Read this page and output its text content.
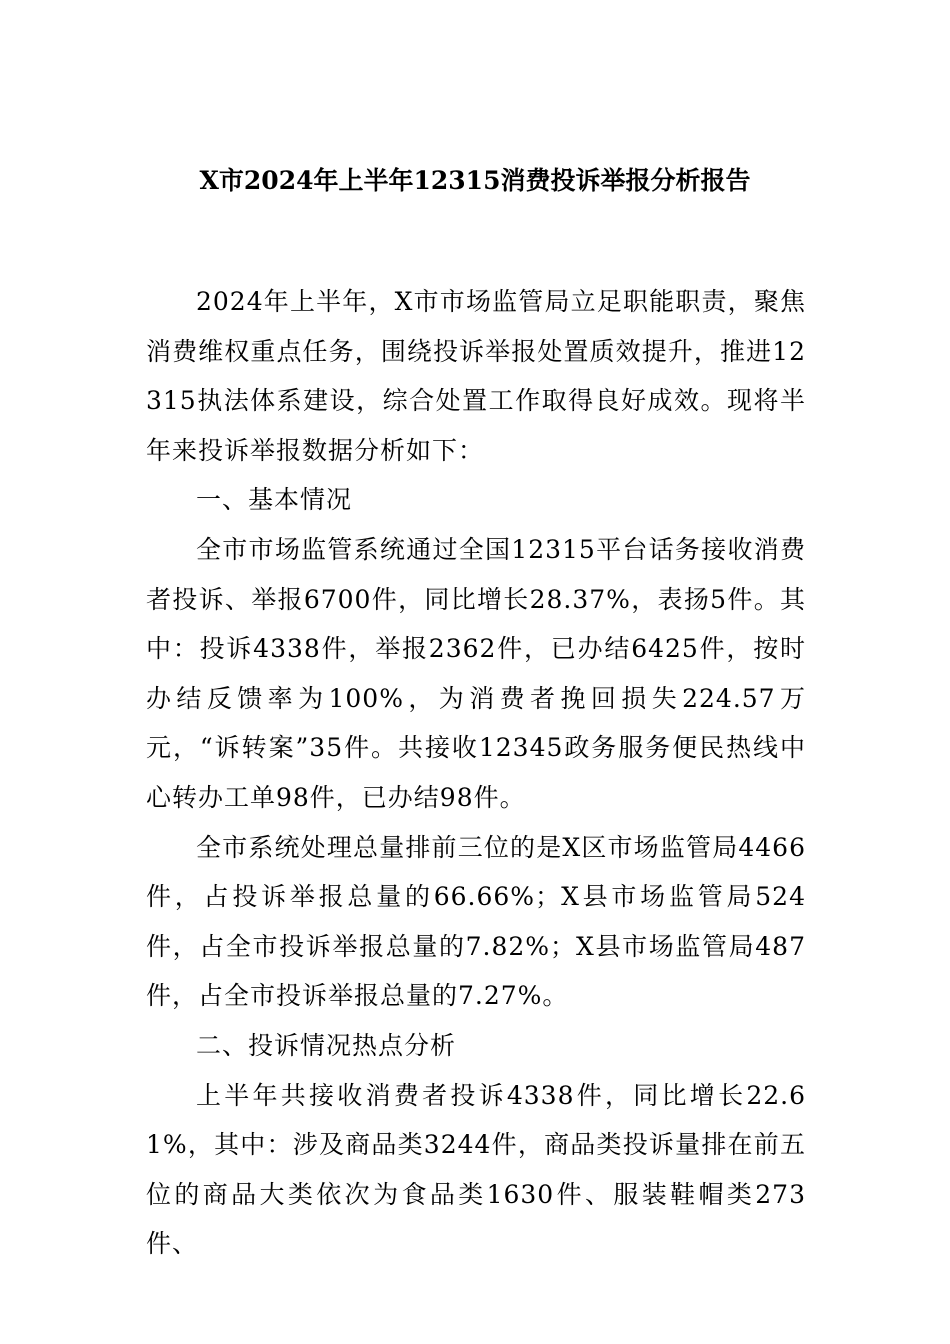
X市2024年上半年12315消费投诉举报分析报告

2024年上半年，X市市场监管局立足职能职责，聚焦消费维权重点任务，围绕投诉举报处置质效提升，推进12315执法体系建设，综合处置工作取得良好成效。现将半年来投诉举报数据分析如下：

一、基本情况

全市市场监管系统通过全国12315平台话务接收消费者投诉、举报6700件，同比增长28.37%，表扬5件。其中：投诉4338件，举报2362件，已办结6425件，按时办结反馈率为100%，为消费者挽回损失224.57万元，“诉转案”35件。共接收12345政务服务便民热线中心转办工单98件，已办结98件。

全市系统处理总量排前三位的是X区市场监管局4466件，占投诉举报总量的66.66%；X县市场监管局524件，占全市投诉举报总量的7.82%；X县市场监管局487件，占全市投诉举报总量的7.27%。

二、投诉情况热点分析

上半年共接收消费者投诉4338件，同比增长22.61%，其中：涉及商品类3244件，商品类投诉量排在前五位的商品大类依次为食品类1630件、服装鞋帽类273件、
